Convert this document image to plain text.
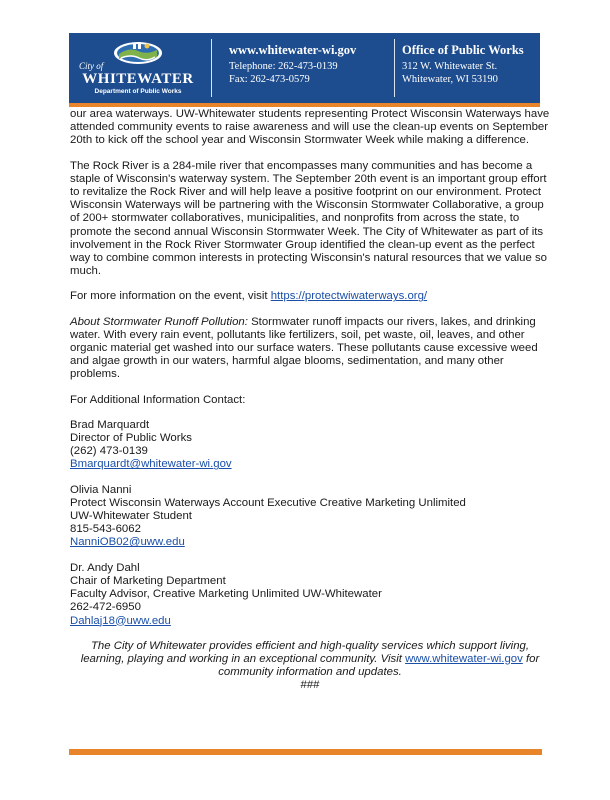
City of
WHITEWATER
Department of Public Works
www.whitewater-wi.gov
Telephone: 262-473-0139
Fax: 262-473-0579
Office of Public Works
312 W. Whitewater St.
Whitewater, WI 53190

our area waterways. UW-Whitewater students representing Protect Wisconsin Waterways have attended community events to raise awareness and will use the clean-up events on September 20th to kick off the school year and Wisconsin Stormwater Week while making a difference.

The Rock River is a 284-mile river that encompasses many communities and has become a staple of Wisconsin's waterway system. The September 20th event is an important group effort to revitalize the Rock River and will help leave a positive footprint on our environment. Protect Wisconsin Waterways will be partnering with the Wisconsin Stormwater Collaborative, a group of 200+ stormwater collaboratives, municipalities, and nonprofits from across the state, to promote the second annual Wisconsin Stormwater Week. The City of Whitewater as part of its involvement in the Rock River Stormwater Group identified the clean-up event as the perfect way to combine common interests in protecting Wisconsin's natural resources that we value so much.

For more information on the event, visit https://protectwiwaterways.org/

About Stormwater Runoff Pollution: Stormwater runoff impacts our rivers, lakes, and drinking water. With every rain event, pollutants like fertilizers, soil, pet waste, oil, leaves, and other organic material get washed into our surface waters. These pollutants cause excessive weed and algae growth in our waters, harmful algae blooms, sedimentation, and many other problems.

For Additional Information Contact:

Brad Marquardt
Director of Public Works
(262) 473-0139
Bmarquardt@whitewater-wi.gov
Olivia Nanni
Protect Wisconsin Waterways Account Executive Creative Marketing Unlimited
UW-Whitewater Student
815-543-6062
NanniOB02@uww.edu
Dr. Andy Dahl
Chair of Marketing Department
Faculty Advisor, Creative Marketing Unlimited UW-Whitewater
262-472-6950
Dahlaj18@uww.edu
The City of Whitewater provides efficient and high-quality services which support living, learning, playing and working in an exceptional community. Visit www.whitewater-wi.gov for community information and updates.
###
